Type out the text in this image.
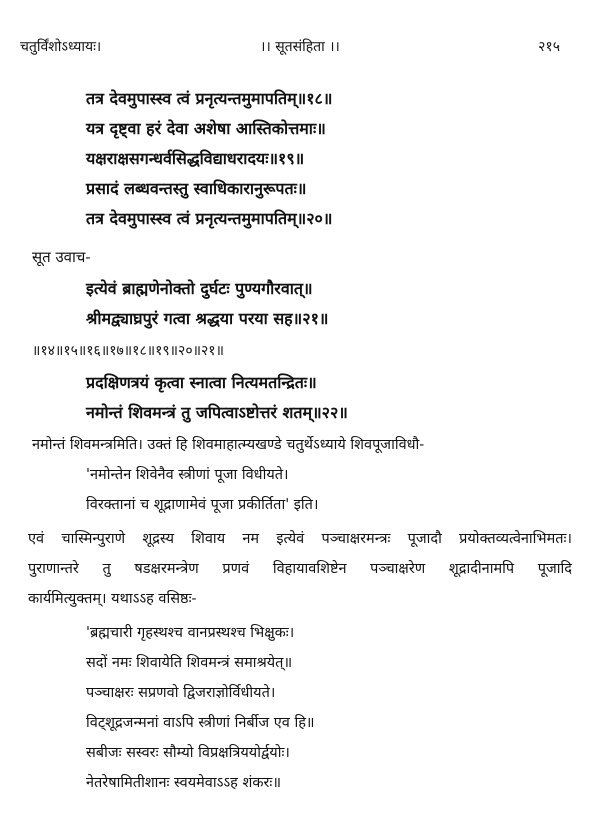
चतुर्विंशोऽध्यायः।	।। सूतसंहिता ।।	२१५
तत्र देवमुपास्स्व त्वं प्रनृत्यन्तमुमापतिम्॥१८॥
यत्र दृष्ट्वा हरं देवा अशेषा आस्तिकोत्तमाः॥
यक्षराक्षसगन्धर्वसिद्धविद्याधरादयः॥१९॥
प्रसादं लब्धवन्तस्तु स्वाधिकारानुरूपतः॥
तत्र देवमुपास्स्व त्वं प्रनृत्यन्तमुमापतिम्॥२०॥
सूत उवाच-
इत्येवं ब्राह्मणेनोक्तो दुर्घटः पुण्यगौरवात्॥
श्रीमद्व्याघ्रपुरं गत्वा श्रद्धया परया सह॥२१॥
॥१४॥१५॥१६॥१७॥१८॥१९॥२०॥२१॥
प्रदक्षिणत्रयं कृत्वा स्नात्वा नित्यमतन्द्रितः॥
नमोन्तं शिवमन्त्रं तु जपित्वाऽष्टोत्तरं शतम्॥२२॥
नमोन्तं शिवमन्त्रमिति। उक्तं हि शिवमाहात्म्यखण्डे चतुर्थेऽध्याये शिवपूजाविधौ-
'नमोन्तेन शिवेनैव स्त्रीणां पूजा विधीयते।
विरक्तानां च शूद्राणामेवं पूजा प्रकीर्तिता' इति।
एवं चास्मिन्पुराणे शूद्रस्य शिवाय नम इत्येवं पञ्चाक्षरमन्त्रः पूजादौ प्रयोक्तव्यत्वेनाभिमतः।
पुराणान्तरे तु षडक्षरमन्त्रेण प्रणवं विहायावशिष्टेन पञ्चाक्षरेण शूद्रादीनामपि पूजादि
कार्यमित्युक्तम्। यथाऽऽह वसिष्ठः-
'ब्रह्मचारी गृहस्थश्च वानप्रस्थश्च भिक्षुकः।
सदों नमः शिवायेति शिवमन्त्रं समाश्रयेत्॥
पञ्चाक्षरः सप्रणवो द्विजराज्ञोर्विधीयते।
विट्शूद्रजन्मनां वाऽपि स्त्रीणां निर्बीज एव हि॥
सबीजः सस्वरः सौम्यो विप्रक्षत्रिययोर्द्वयोः।
नेतरेषामितीशानः स्वयमेवाऽऽह शंकरः॥
